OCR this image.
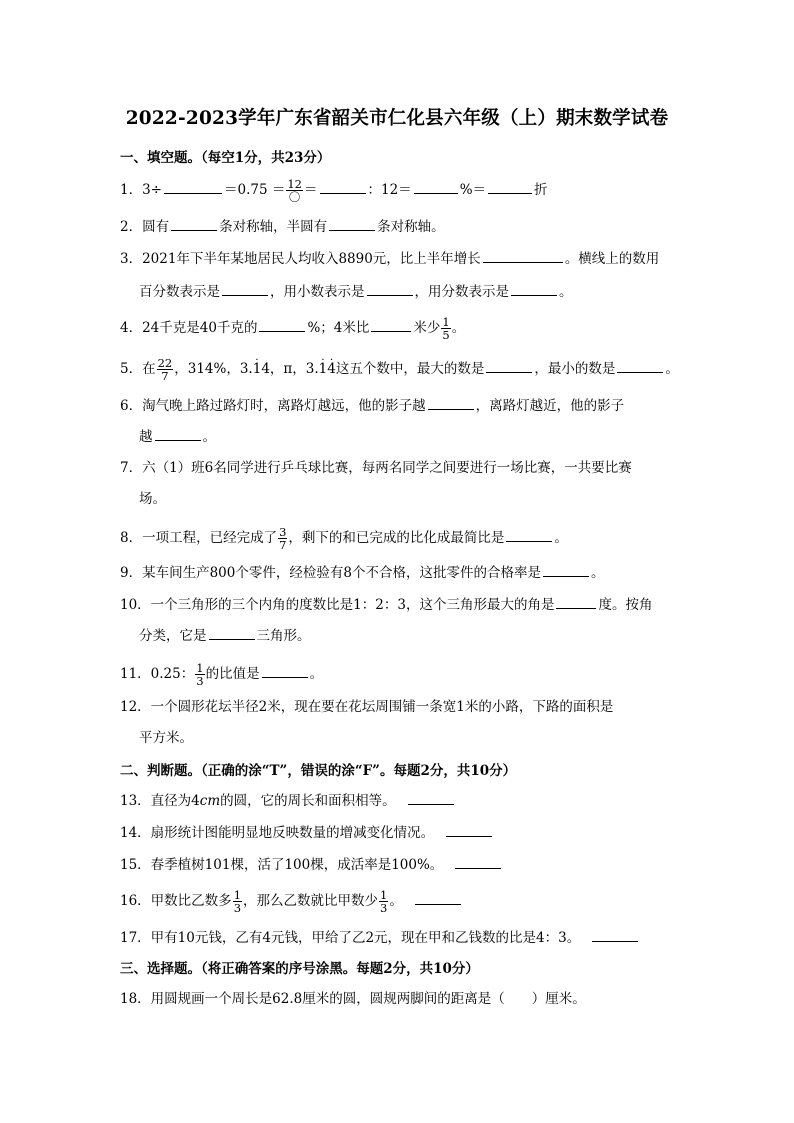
2022-2023学年广东省韶关市仁化县六年级（上）期末数学试卷
一、填空题。（每空1分，共23分）
1．3÷	$=0.75 = \frac{12}{\text{〇}}$ ＝	：12＝	%＝	折
2．圆有	条对称轴，半圆有	条对称轴。
3．2021年下半年某地居民人均收入8890元，比上半年增长	。横线上的数用
百分数表示是	，用小数表示是	，用分数表示是	。
4．24千克是40千克的	%；4米比	米少 $\frac{1}{5}$ 。
5．在 $\frac{22}{7}$ ，314%，3.1 ·4，π，3.1 ·4 ·这五个数中，最大的数是	，最小的数是	。
6．淘气晚上路过路灯时，离路灯越远，他的影子越	，离路灯越近，他的影子
越	。
7．六（1）班6名同学进行乒乓球比赛，每两名同学之间要进行一场比赛，一共要比赛
场。
8．一项工程，已经完成了 $\frac{3}{7}$ ，剩下的和已完成的比化成最简比是	。
9．某车间生产800个零件，经检验有8个不合格，这批零件的合格率是	。
10．一个三角形的三个内角的度数比是1：2：3，这个三角形最大的角是	度。按角
分类，它是	三角形。
11．0.25： $\frac{1}{3}$ 的比值是	。
12．一个圆形花坛半径2米，现在要在花坛周围铺一条宽1米的小路，下路的面积是
平方米。
二、判断题。（正确的涂“T”，错误的涂“F”。每题2分，共10分）
13．直径为4cm的圆，它的周长和面积相等。
14．扇形统计图能明显地反映数量的增减变化情况。
15．春季植树101棵，活了100棵，成活率是100%。
16．甲数比乙数多 $\frac{1}{3}$ ，那么乙数就比甲数少 $\frac{1}{3}$ 。
17．甲有10元钱，乙有4元钱，甲给了乙2元，现在甲和乙钱数的比是4：3。
三、选择题。（将正确答案的序号涂黑。每题2分，共10分）
18．用圆规画一个周长是62.8厘米的圆，圆规两脚间的距离是（　　）厘米。
